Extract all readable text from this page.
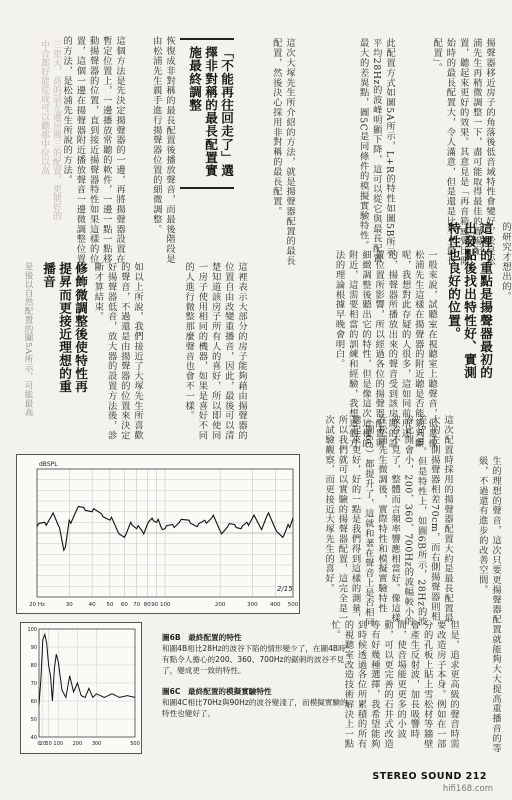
三更大，高的話左邊房間三的配置，更能好的中合都好能從成可以聽那中位以高	揚聲器移近房子的角落後低音域特性會變好，於是松浦先生再稍微調整一下，盡可能取得最佳的聲場配置，聽起來更好的效果。其意見是「再音箱感覺比開始時的最長配置大，令人滿意，但是還是比不上最長配置」。
此配置方式如圖5A所示，L+R的特性如圖5B所示，平均28Hz的波峰明顯下降，這可以從它與最長配置最大的差異點，圖5C是同條件的模擬實驗特性。
這次大塚先生所介紹的方法，就是揚聲器配置的最長配置，然後決心採用非對稱的最長配置。
「不能再往回走了」選擇非對稱的最長配置實施最終調整
恢復成非對稱的最長配置後播放聲音，而最後階段是由松浦先生親手進行揚聲器位置的細微調整。
這個方法是先決定揚聲器的一邊，再將揚聲器設置在暫定位置上，一邊播放常聽的軟件，一邊一點一點移動揚聲器的位置，直到接近揚聲器特性如果這樣的位置，這個一邊在揚聲器附近播放聲音一邊微調整位置的方法，是松浦先生所說的方法。
這裡的重點是揚聲器最初的出發點後找出特性好、實測特性也良好的位置。	的研究才想出的。
一般來說，試聽室在視聽室上聽聲音，但是像松浦先生這樣在揚聲器的附近聽是否能夠判斷呢，我想對此存疑的人很多，這如同前所述的，揚聲器所播放出來的聲音受到該房間的設置位置所影響，所以經過各位的揚聲器配置與細緻調整後聽出它的特性，但是像這次這樣的附近，這需要相當的訓練和經驗，我想這個方法的理論根據早晚會明白。
這裡表示大部分的房子能夠藉由揚聲器的位置自由改變重播音，因此，最後可以清楚知道該房子所有人的喜好，所以即使同一房子使用相同的機器，如果是喜好不同的人進行微整那麼聲音也會不一樣。
如以上所說，我們接近了大塚先生所喜歡的聲音，不過還是由揚聲器的位置來決定好揚聲器低音，放大器的設置方法後，診斷才算結束。
修飾微調整後使特性再提昇而更接近理想的重播音
是後以自然配置的圖5A所示，可能最高
這次配置時採用的揚聲器配置大約是最長配置最大的左側揚聲器相差70cm，而右側揚聲器則相差5cm。但是特性上，如圖6B所示，28Hz的波谷比開會小，200、360、700Hz的波幅較小的波谷不見了，整體而言頻率響應相當好。像這樣在松浦先生微調後，實際特性和模擬實驗特性（圖6C）都提升了，這就和著在聲音上是否相同聽起來更好，好的一點是我們得到這樣的測量，所以我們就可以實驗的揚聲器配置，這完全是一次試驗觀察，而更接近大塚先生的喜好。	生的理想的聲音，這次只要更揚聲器配置就能夠大大提高重播音的等級，不過還有進步的改善空間。
但是，追求更高級的聲音時需要改造房子本身。例如在一部分的孔板上貼上雪松材等牆壁會產生反射波，加長吸響時間，使音場能更更多的小波動，可以更完善的石井式改造等有好幾種選擇，我希望能夠到時候透過各位所累積的所有的視聽室改造技術解決上一點忙。
dBSPL
20 Hz	30	40 50 60 70 80 90 100	200	300 400 500
2/15
100
90
80
70
60
50
40
0 20 50 100 200 300	500
圖6B　最終配置的特性
和圖4B相比28Hz的波谷下陷的情形變少了，在圖4B時有點令人擔心的200、360、700Hz的鋸刺的波谷不見了，變成更一致的特性。
圖6C　最終配置的模擬實驗特性
和圖4C相比70Hz與90Hz的波谷變淺了，而模擬實驗的特性也變好了。
STEREO SOUND 212
hifi168.com
